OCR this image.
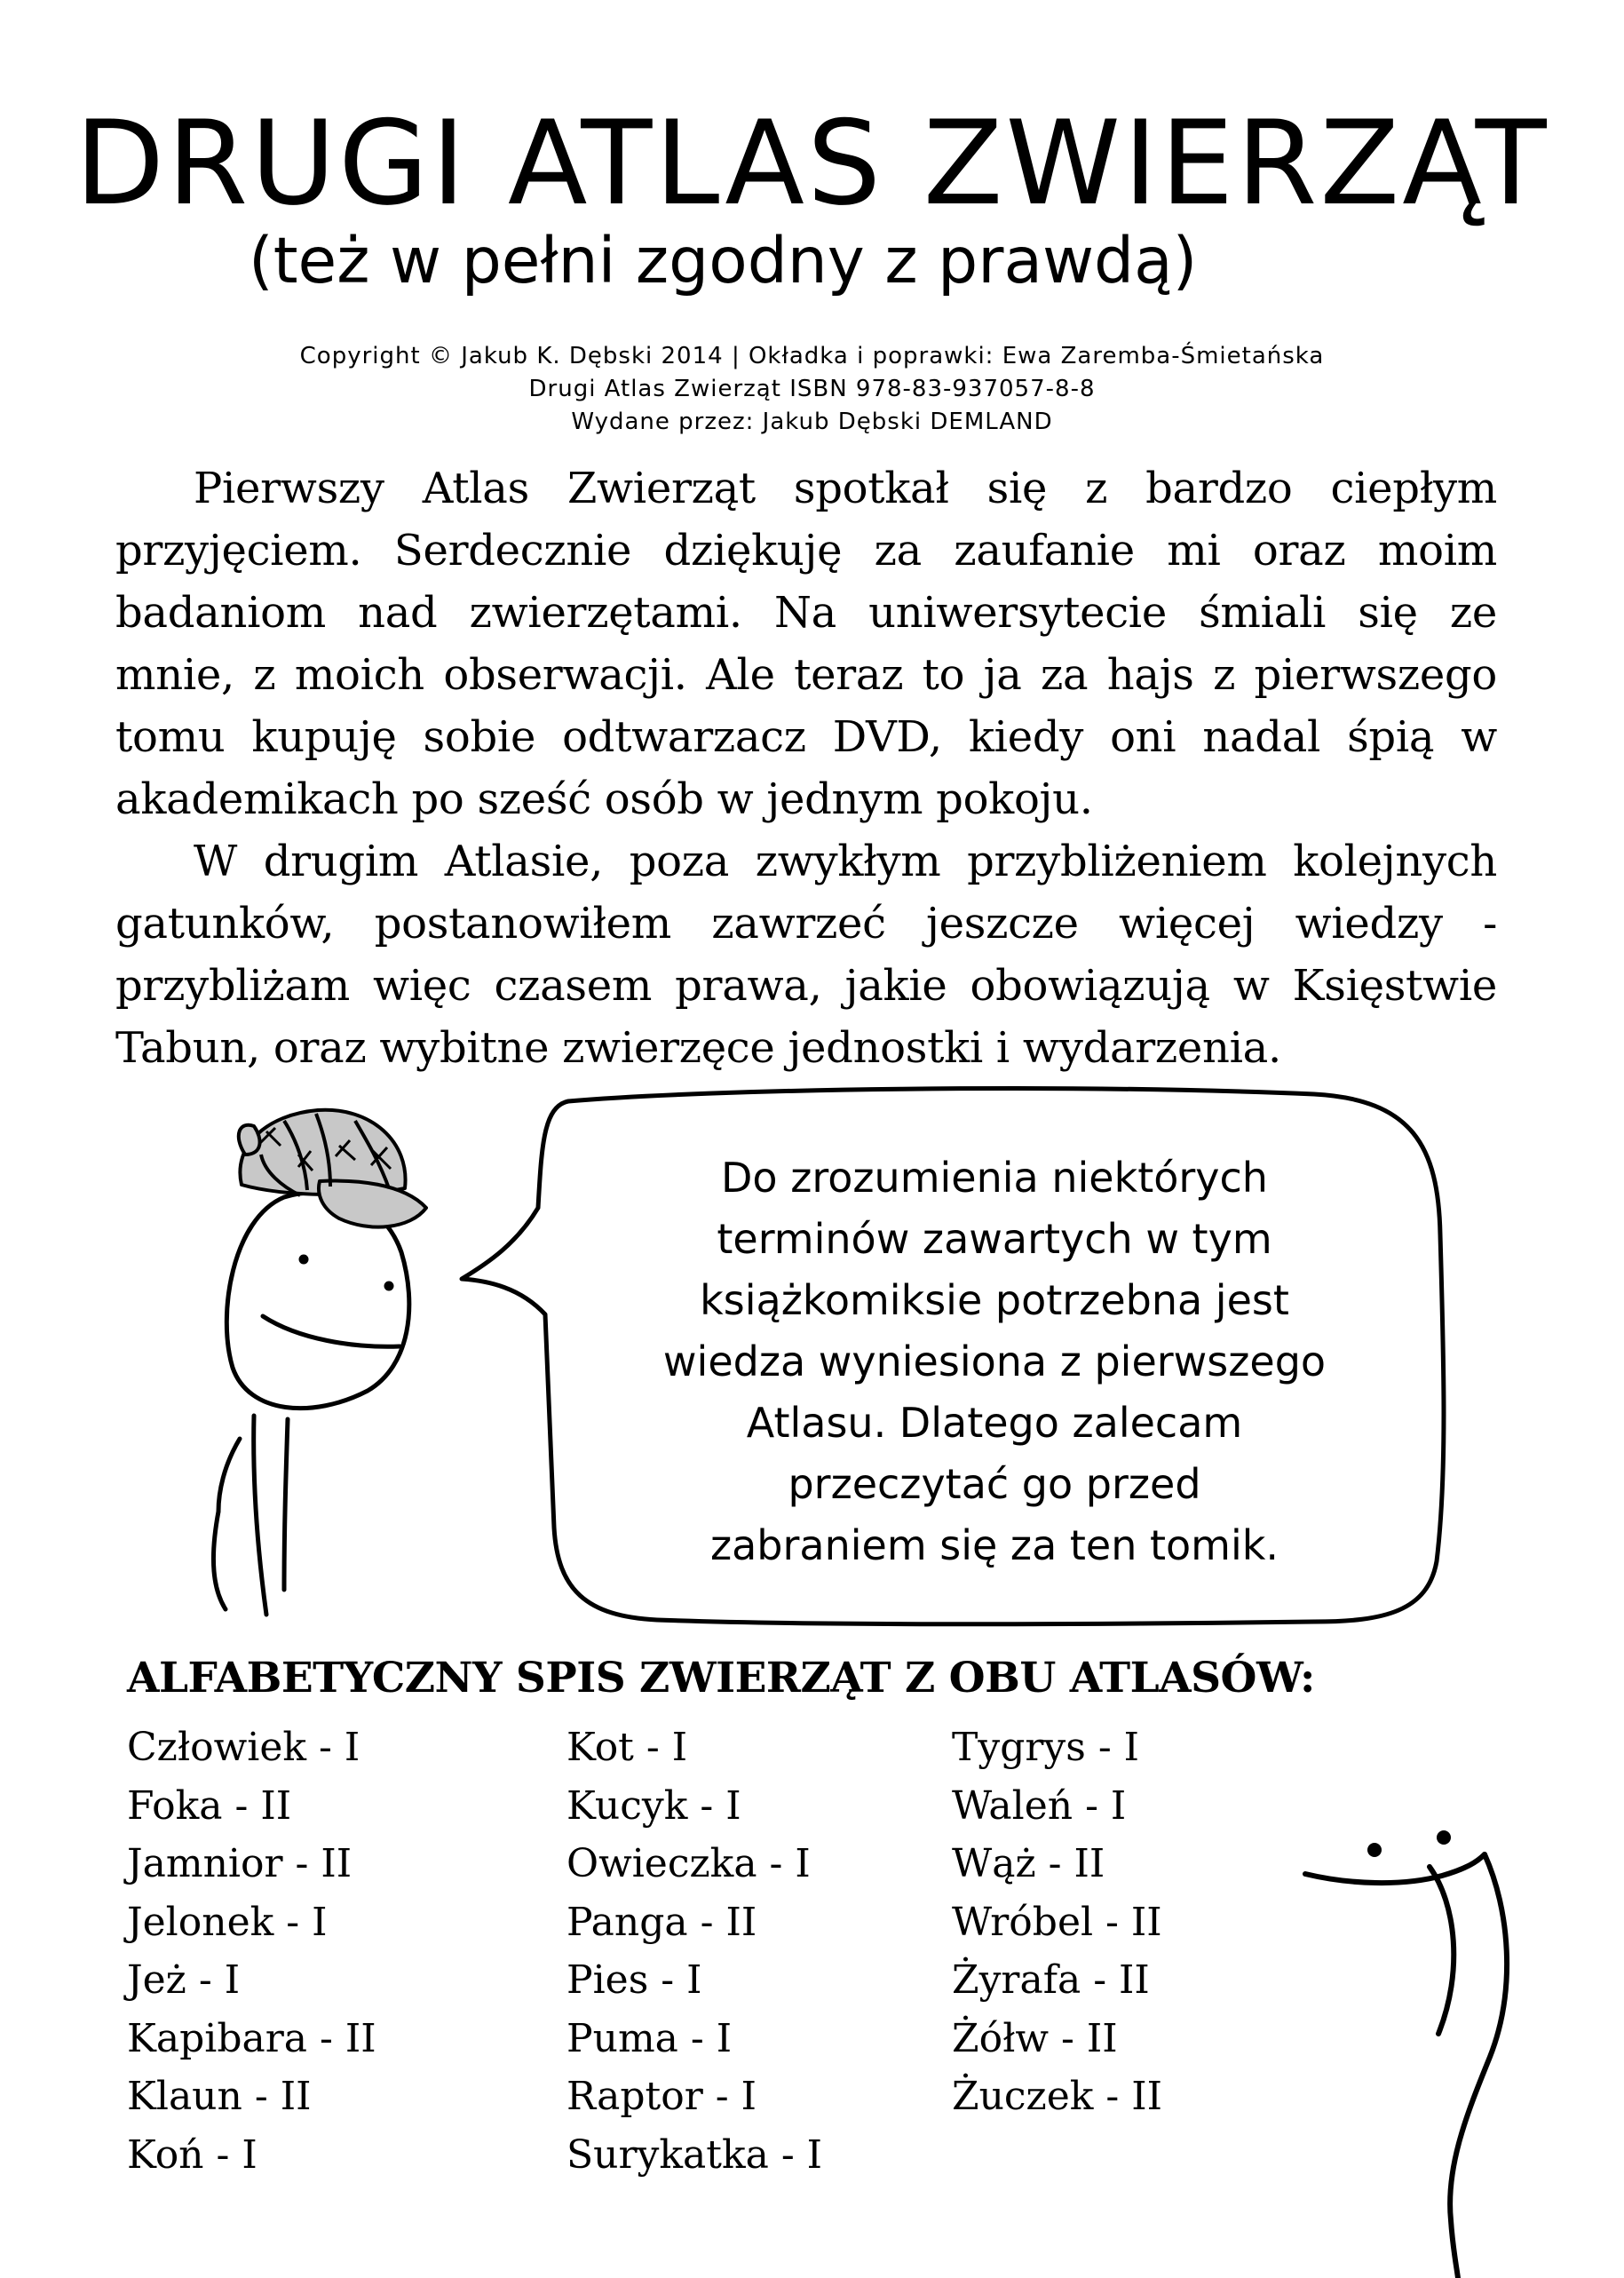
DRUGI ATLAS ZWIERZĄT
(też w pełni zgodny z prawdą)
Copyright © Jakub K. Dębski 2014 | Okładka i poprawki: Ewa Zaremba-Śmietańska
Drugi Atlas Zwierząt ISBN 978-83-937057-8-8
Wydane przez: Jakub Dębski DEMLAND

Pierwszy Atlas Zwierząt spotkał się z bardzo ciepłym przyjęciem. Serdecznie dziękuję za zaufanie mi oraz moim badaniom nad zwierzętami. Na uniwersytecie śmiali się ze mnie, z moich obserwacji. Ale teraz to ja za hajs z pierwszego tomu kupuję sobie odtwarzacz DVD, kiedy oni nadal śpią w akademikach po sześć osób w jednym pokoju.

W drugim Atlasie, poza zwykłym przybliżeniem kolejnych gatunków, postanowiłem zawrzeć jeszcze więcej wiedzy - przybliżam więc czasem prawa, jakie obowiązują w Księstwie Tabun, oraz wybitne zwierzęce jednostki i wydarzenia.

Do zrozumienia niektórych
terminów zawartych w tym
książkomiksie potrzebna jest
wiedza wyniesiona z pierwszego
Atlasu. Dlatego zalecam
przeczytać go przed
zabraniem się za ten tomik.
ALFABETYCZNY SPIS ZWIERZĄT Z OBU ATLASÓW:
Człowiek - I
Foka - II
Jamnior - II
Jelonek - I
Jeż - I
Kapibara - II
Klaun - II
Koń - I
Kot - I
Kucyk - I
Owieczka - I
Panga - II
Pies - I
Puma - I
Raptor - I
Surykatka - I
Tygrys - I
Waleń - I
Wąż - II
Wróbel - II
Żyrafa - II
Żółw - II
Żuczek - II
